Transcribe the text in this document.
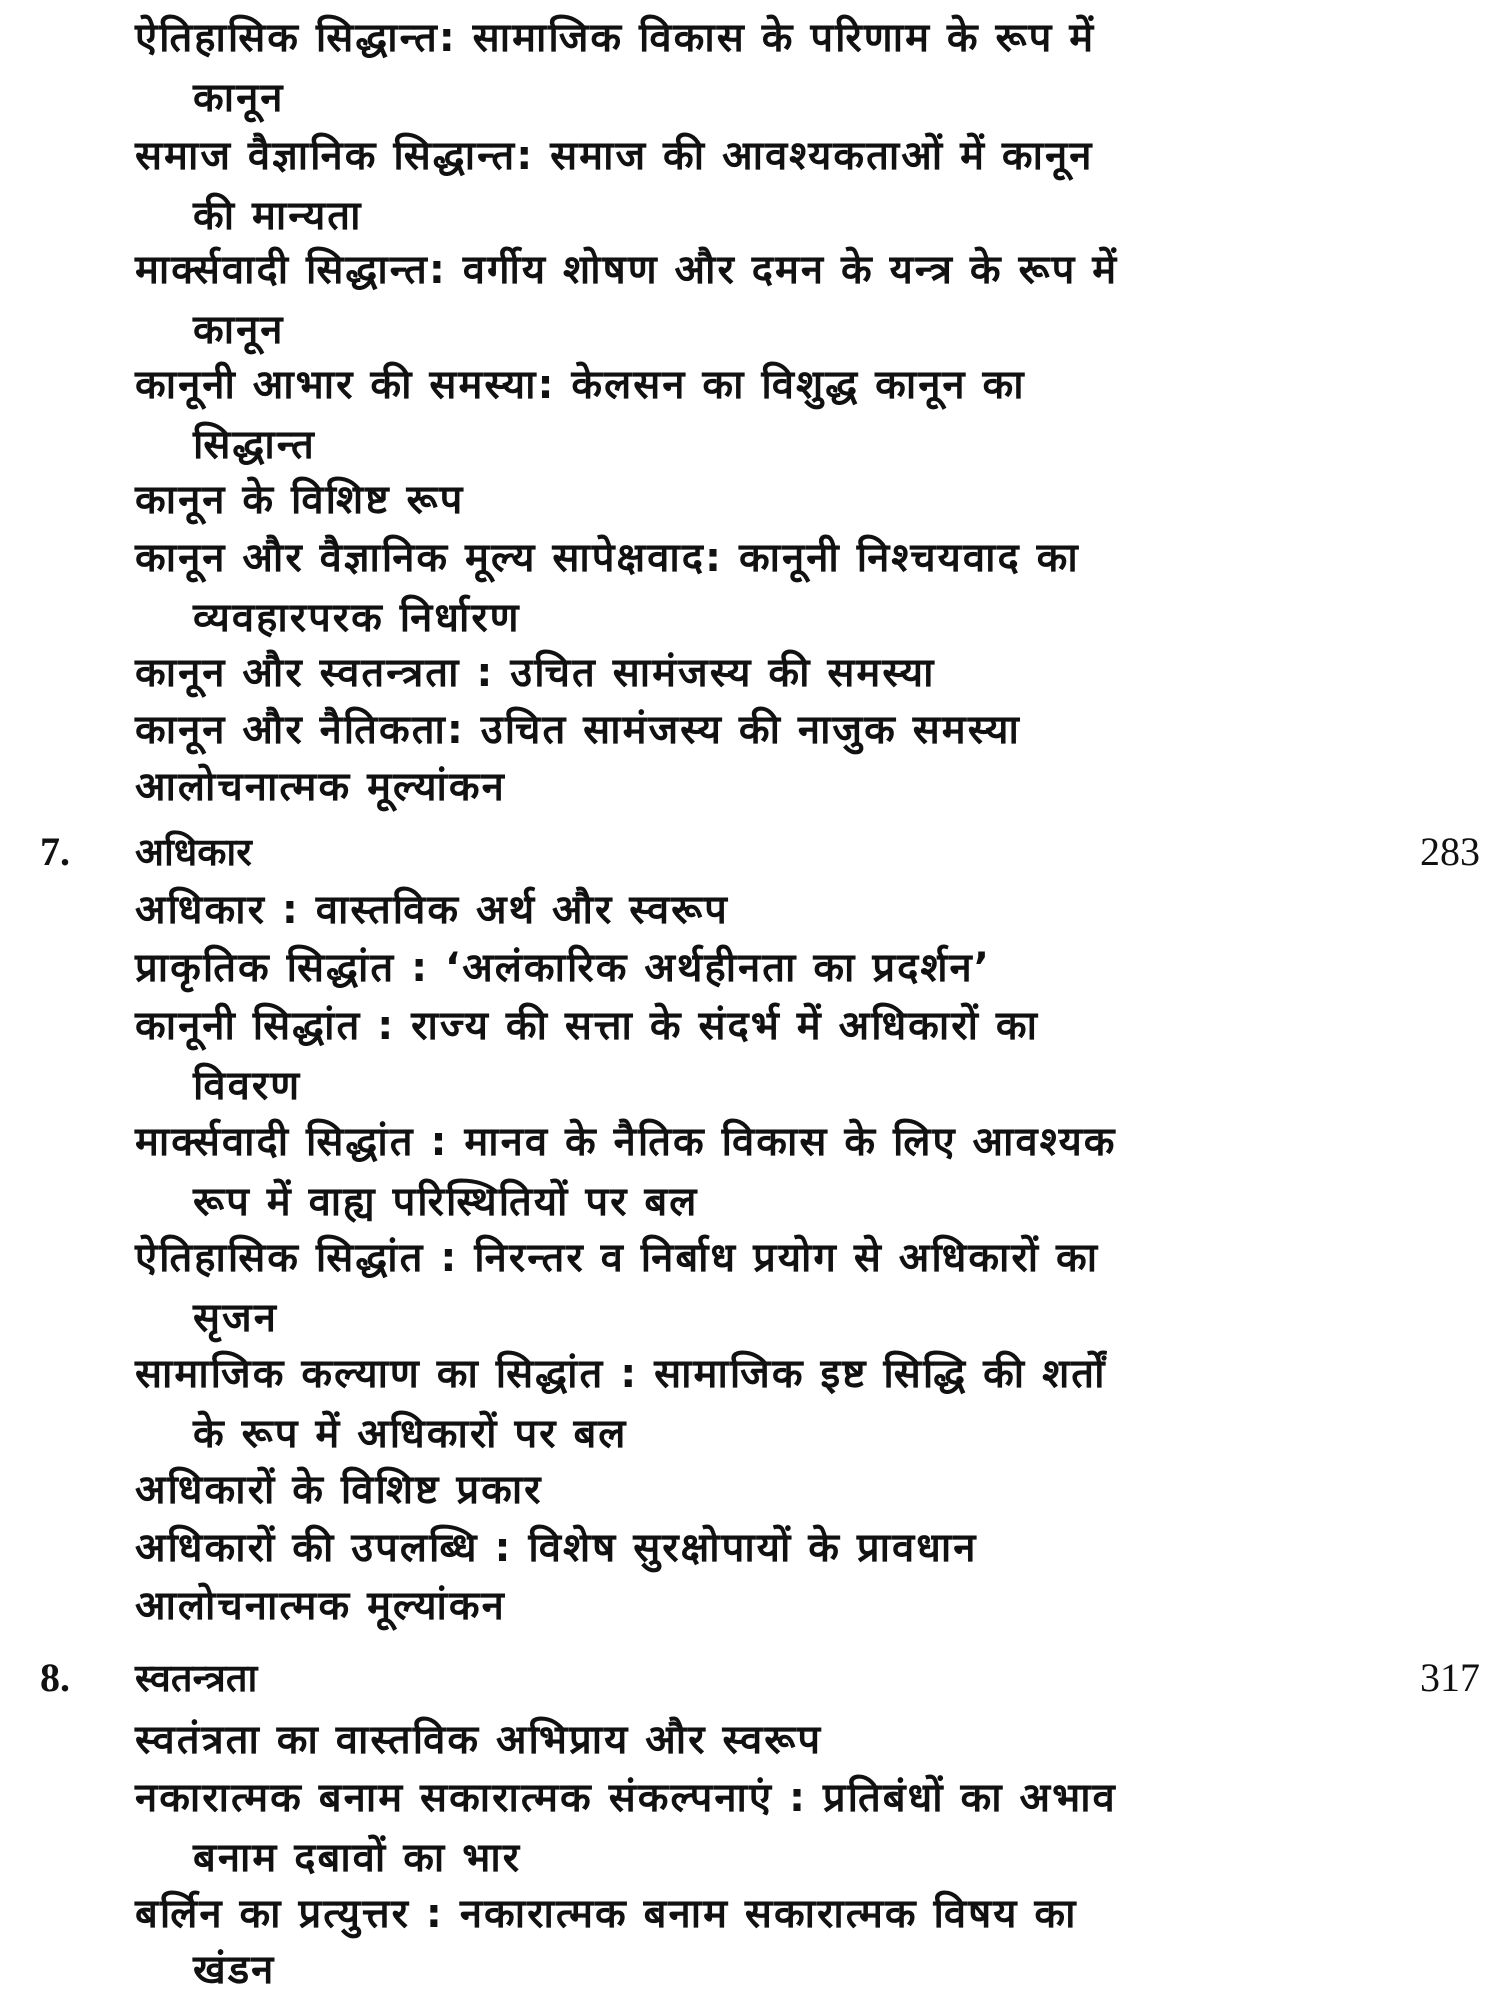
ऐतिहासिक सिद्धान्त: सामाजिक विकास के परिणाम के रूप में
कानून
समाज वैज्ञानिक सिद्धान्त: समाज की आवश्यकताओं में कानून
की मान्यता
मार्क्सवादी सिद्धान्त: वर्गीय शोषण और दमन के यन्त्र के रूप में
कानून
कानूनी आभार की समस्या: केलसन का विशुद्ध कानून का
सिद्धान्त
कानून के विशिष्ट रूप
कानून और वैज्ञानिक मूल्य सापेक्षवाद: कानूनी निश्चयवाद का
व्यवहारपरक निर्धारण
कानून और स्वतन्त्रता : उचित सामंजस्य की समस्या
कानून और नैतिकता: उचित सामंजस्य की नाजुक समस्या
आलोचनात्मक मूल्यांकन
7. अधिकार	283
अधिकार : वास्तविक अर्थ और स्वरूप
प्राकृतिक सिद्धांत : ‘अलंकारिक अर्थहीनता का प्रदर्शन’
कानूनी सिद्धांत : राज्य की सत्ता के संदर्भ में अधिकारों का
विवरण
मार्क्सवादी सिद्धांत : मानव के नैतिक विकास के लिए आवश्यक
रूप में वाह्य परिस्थितियों पर बल
ऐतिहासिक सिद्धांत : निरन्तर व निर्बाध प्रयोग से अधिकारों का
सृजन
सामाजिक कल्याण का सिद्धांत : सामाजिक इष्ट सिद्धि की शर्तों
के रूप में अधिकारों पर बल
अधिकारों के विशिष्ट प्रकार
अधिकारों की उपलब्धि : विशेष सुरक्षोपायों के प्रावधान
आलोचनात्मक मूल्यांकन
8. स्वतन्त्रता	317
स्वतंत्रता का वास्तविक अभिप्राय और स्वरूप
नकारात्मक बनाम सकारात्मक संकल्पनाएं : प्रतिबंधों का अभाव
बनाम दबावों का भार
बर्लिन का प्रत्युत्तर : नकारात्मक बनाम सकारात्मक विषय का
खंडन
